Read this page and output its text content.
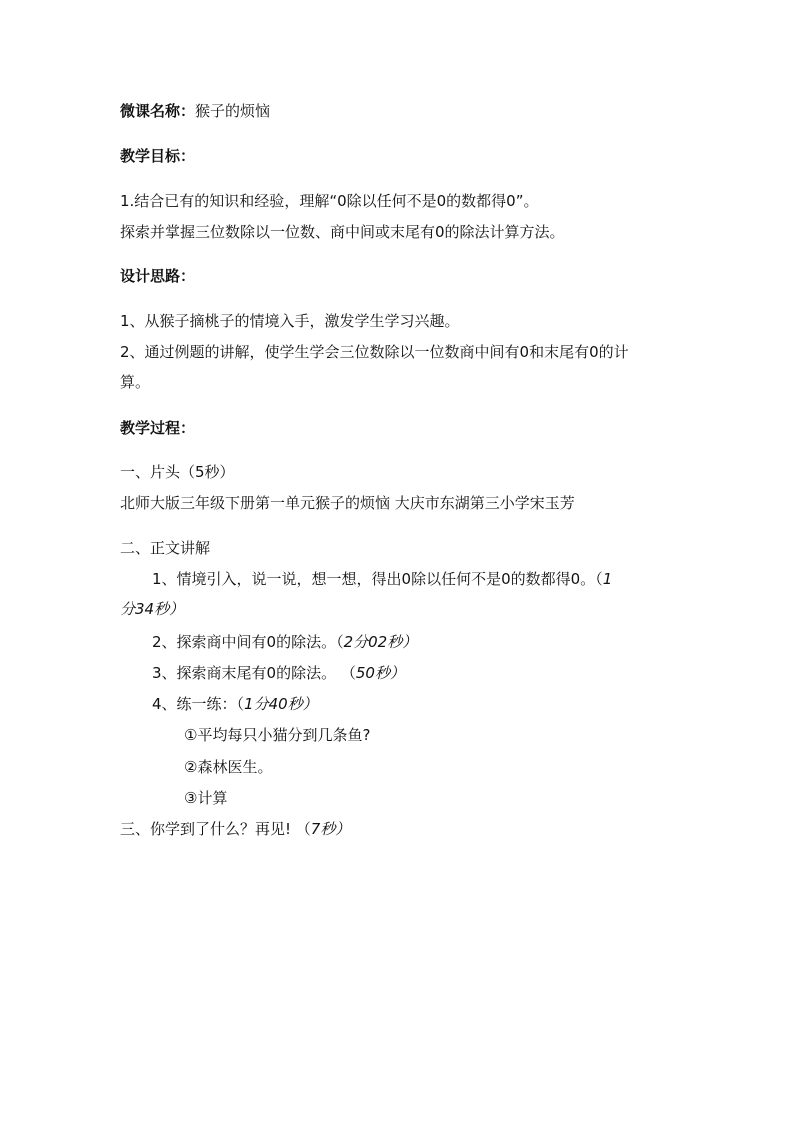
微课名称：猴子的烦恼
教学目标：
1.结合已有的知识和经验，理解“0除以任何不是0的数都得0”。
探索并掌握三位数除以一位数、商中间或末尾有0的除法计算方法。
设计思路：
1、从猴子摘桃子的情境入手，激发学生学习兴趣。
2、通过例题的讲解，使学生学会三位数除以一位数商中间有0和末尾有0的计
算。
教学过程：
一、片头（5秒）
北师大版三年级下册第一单元猴子的烦恼 大庆市东湖第三小学宋玉芳
二、正文讲解
1、情境引入，说一说，想一想，得出0除以任何不是0的数都得0。（1
分34秒）
2、探索商中间有0的除法。（2分02秒）
3、探索商末尾有0的除法。 （50秒）
4、练一练：（1分40秒）
①平均每只小猫分到几条鱼?
②森林医生。
③计算
三、你学到了什么？再见! （7秒）
